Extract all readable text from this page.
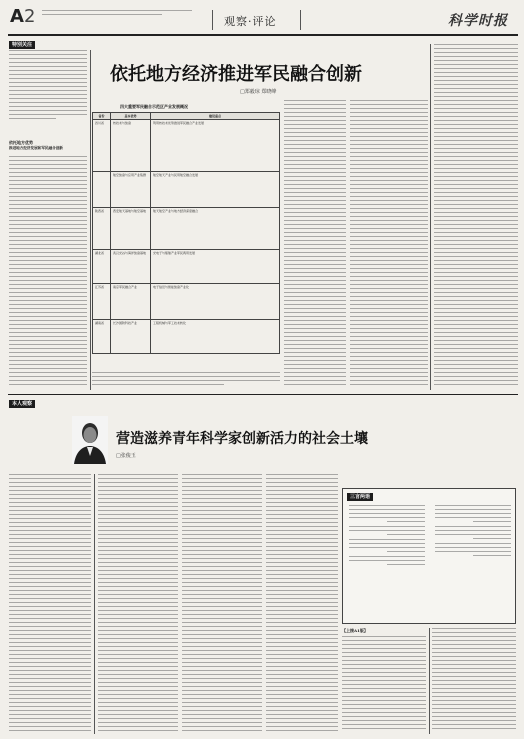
A2	观察·评论	科学时报
特别关注
依托地方经济推进军民融合创新
□郑毅琼 郑晓峰
依托地方优势
推进地方经济发展和军民融合创新
四大重要军民融合示范区产业发展概况
省份	基本优势	建设重点
四川省	核技术与装备	利用核技术优势推进军民融合产业发展
	航空装备与应用产业集群	航空航天产业与民用航空融合发展
陕西省	西安航天基地与航空基地	航天航空产业与地方经济深度融合
湖北省	武汉光谷与海洋装备基地	光电子与船舶产业军民两用发展
江苏省	南京军民融合产业	电子信息与智能装备产业化
湖南省	长沙国防科技产业	工程机械与军工技术转化
本人观察
营造滋养青年科学家创新活力的社会土壤
□张俊玉
三言两语
【上接A1版】
